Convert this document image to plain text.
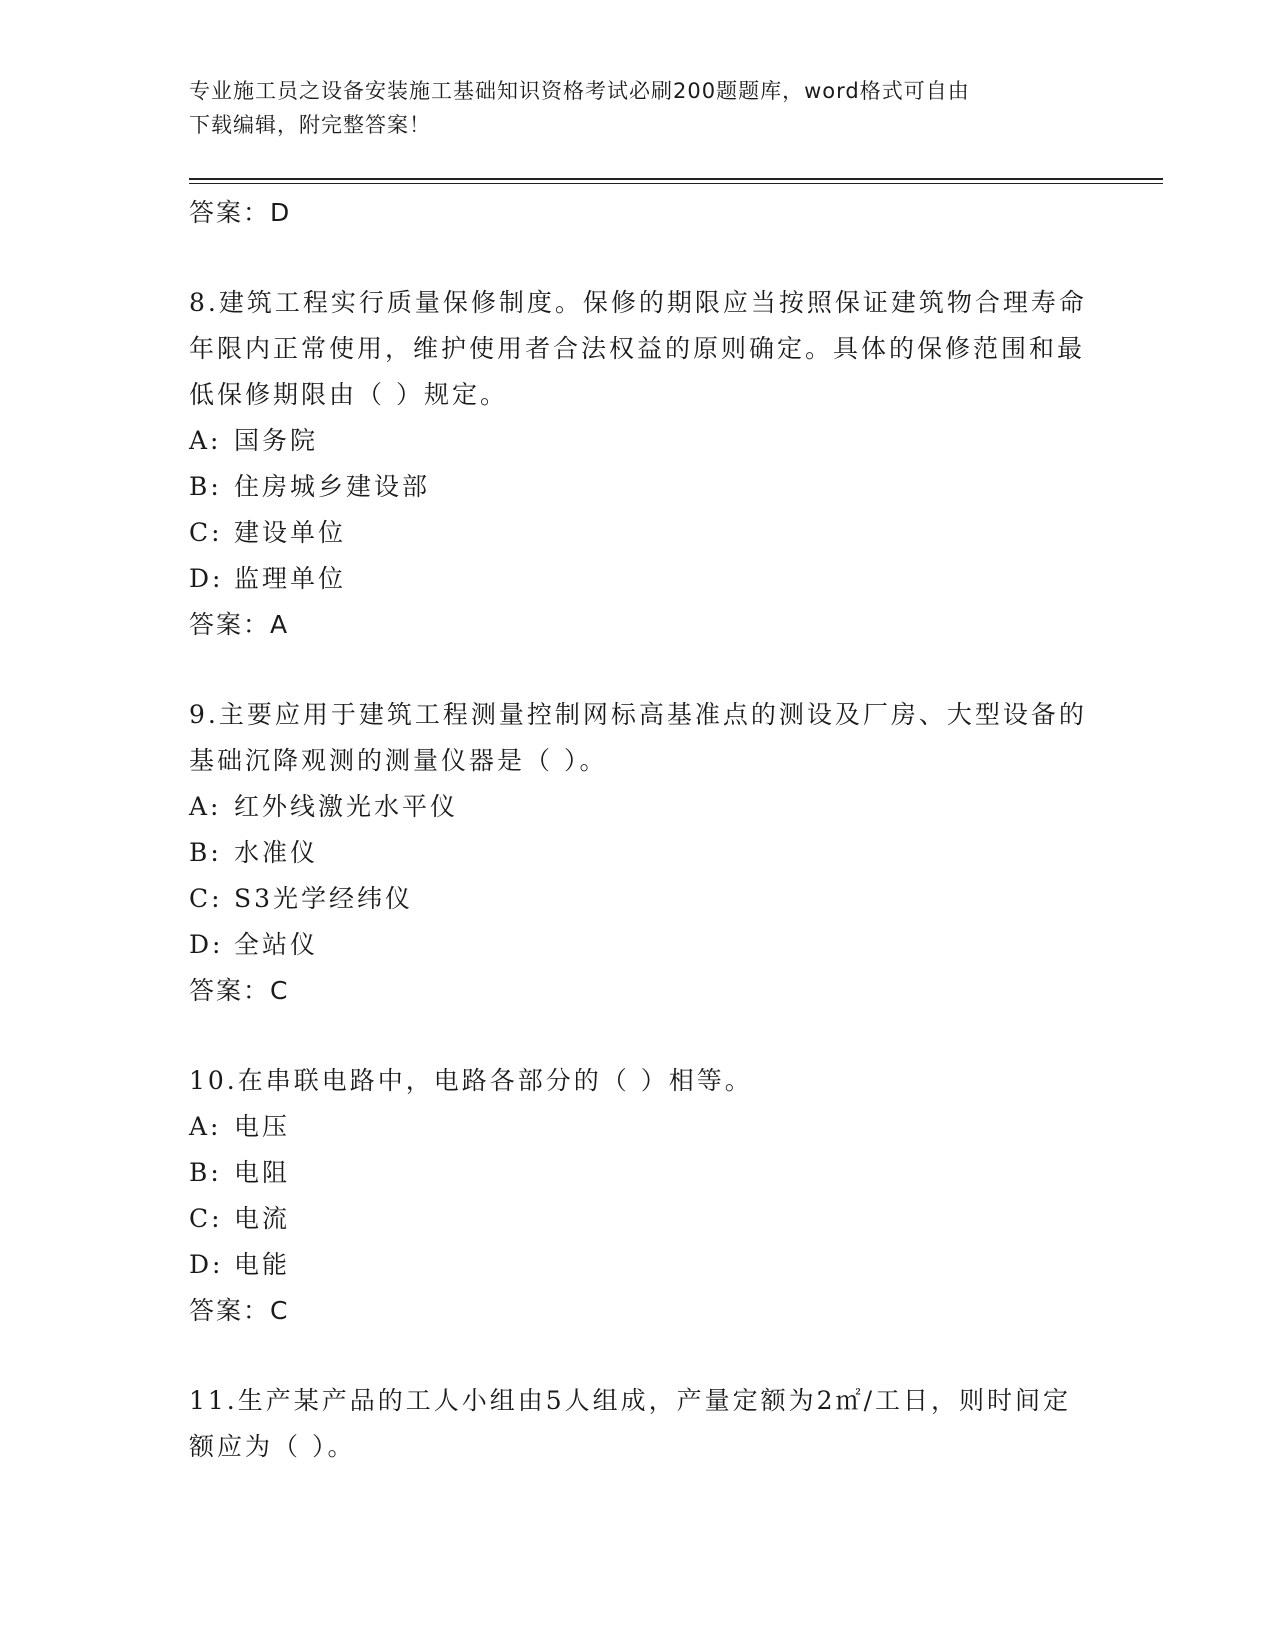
专业施工员之设备安装施工基础知识资格考试必刷200题题库，word格式可自由
下载编辑，附完整答案！
答案：D

8.建筑工程实行质量保修制度。保修的期限应当按照保证建筑物合理寿命年限内正常使用，维护使用者合法权益的原则确定。具体的保修范围和最低保修期限由（ ）规定。

A: 国务院
B: 住房城乡建设部
C: 建设单位
D: 监理单位
答案：A

9.主要应用于建筑工程测量控制网标高基准点的测设及厂房、大型设备的基础沉降观测的测量仪器是（ ）。

A: 红外线激光水平仪
B: 水准仪
C: S3光学经纬仪
D: 全站仪
答案：C

10.在串联电路中，电路各部分的（ ）相等。

A: 电压
B: 电阻
C: 电流
D: 电能
答案：C

11.生产某产品的工人小组由5人组成，产量定额为2㎡/工日，则时间定额应为（ ）。
